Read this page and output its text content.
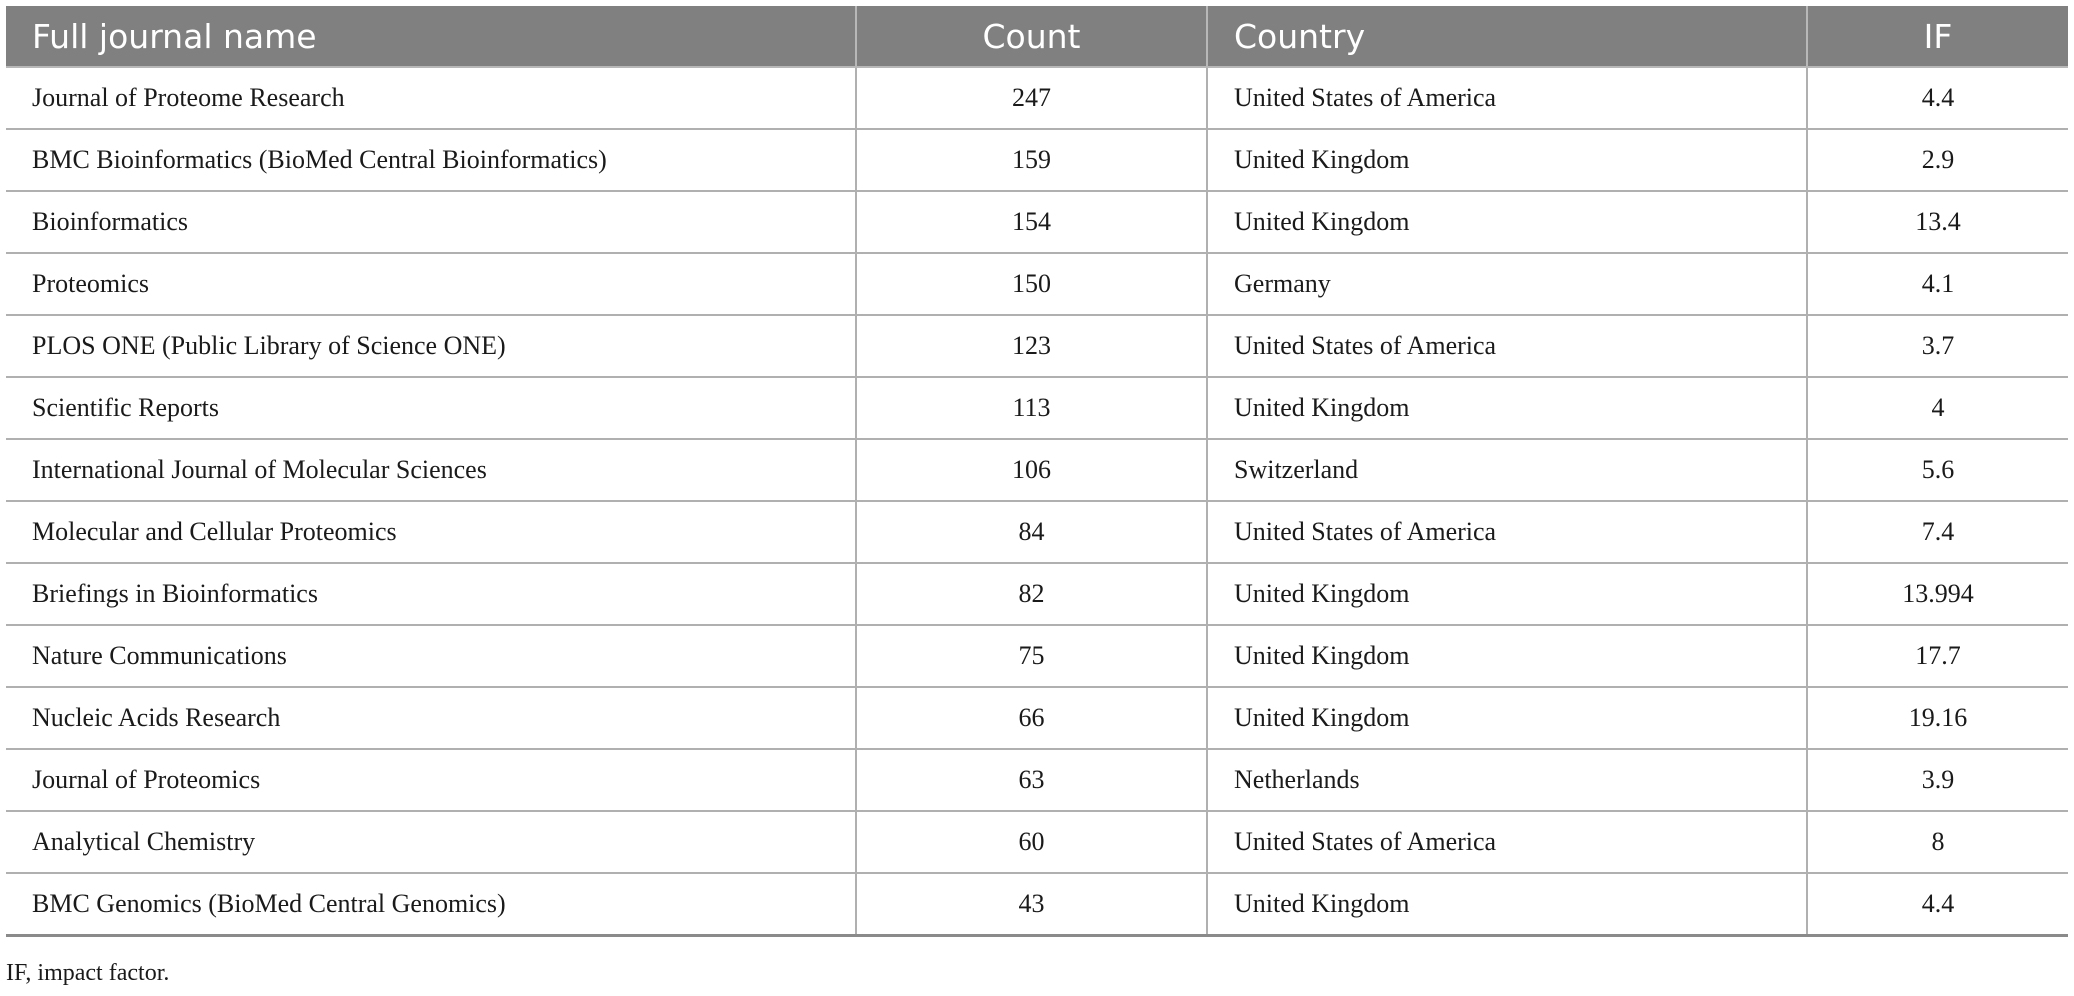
Full journal name	Count	Country	IF
Journal of Proteome Research	247	United States of America	4.4
BMC Bioinformatics (BioMed Central Bioinformatics)	159	United Kingdom	2.9
Bioinformatics	154	United Kingdom	13.4
Proteomics	150	Germany	4.1
PLOS ONE (Public Library of Science ONE)	123	United States of America	3.7
Scientific Reports	113	United Kingdom	4
International Journal of Molecular Sciences	106	Switzerland	5.6
Molecular and Cellular Proteomics	84	United States of America	7.4
Briefings in Bioinformatics	82	United Kingdom	13.994
Nature Communications	75	United Kingdom	17.7
Nucleic Acids Research	66	United Kingdom	19.16
Journal of Proteomics	63	Netherlands	3.9
Analytical Chemistry	60	United States of America	8
BMC Genomics (BioMed Central Genomics)	43	United Kingdom	4.4
IF, impact factor.
